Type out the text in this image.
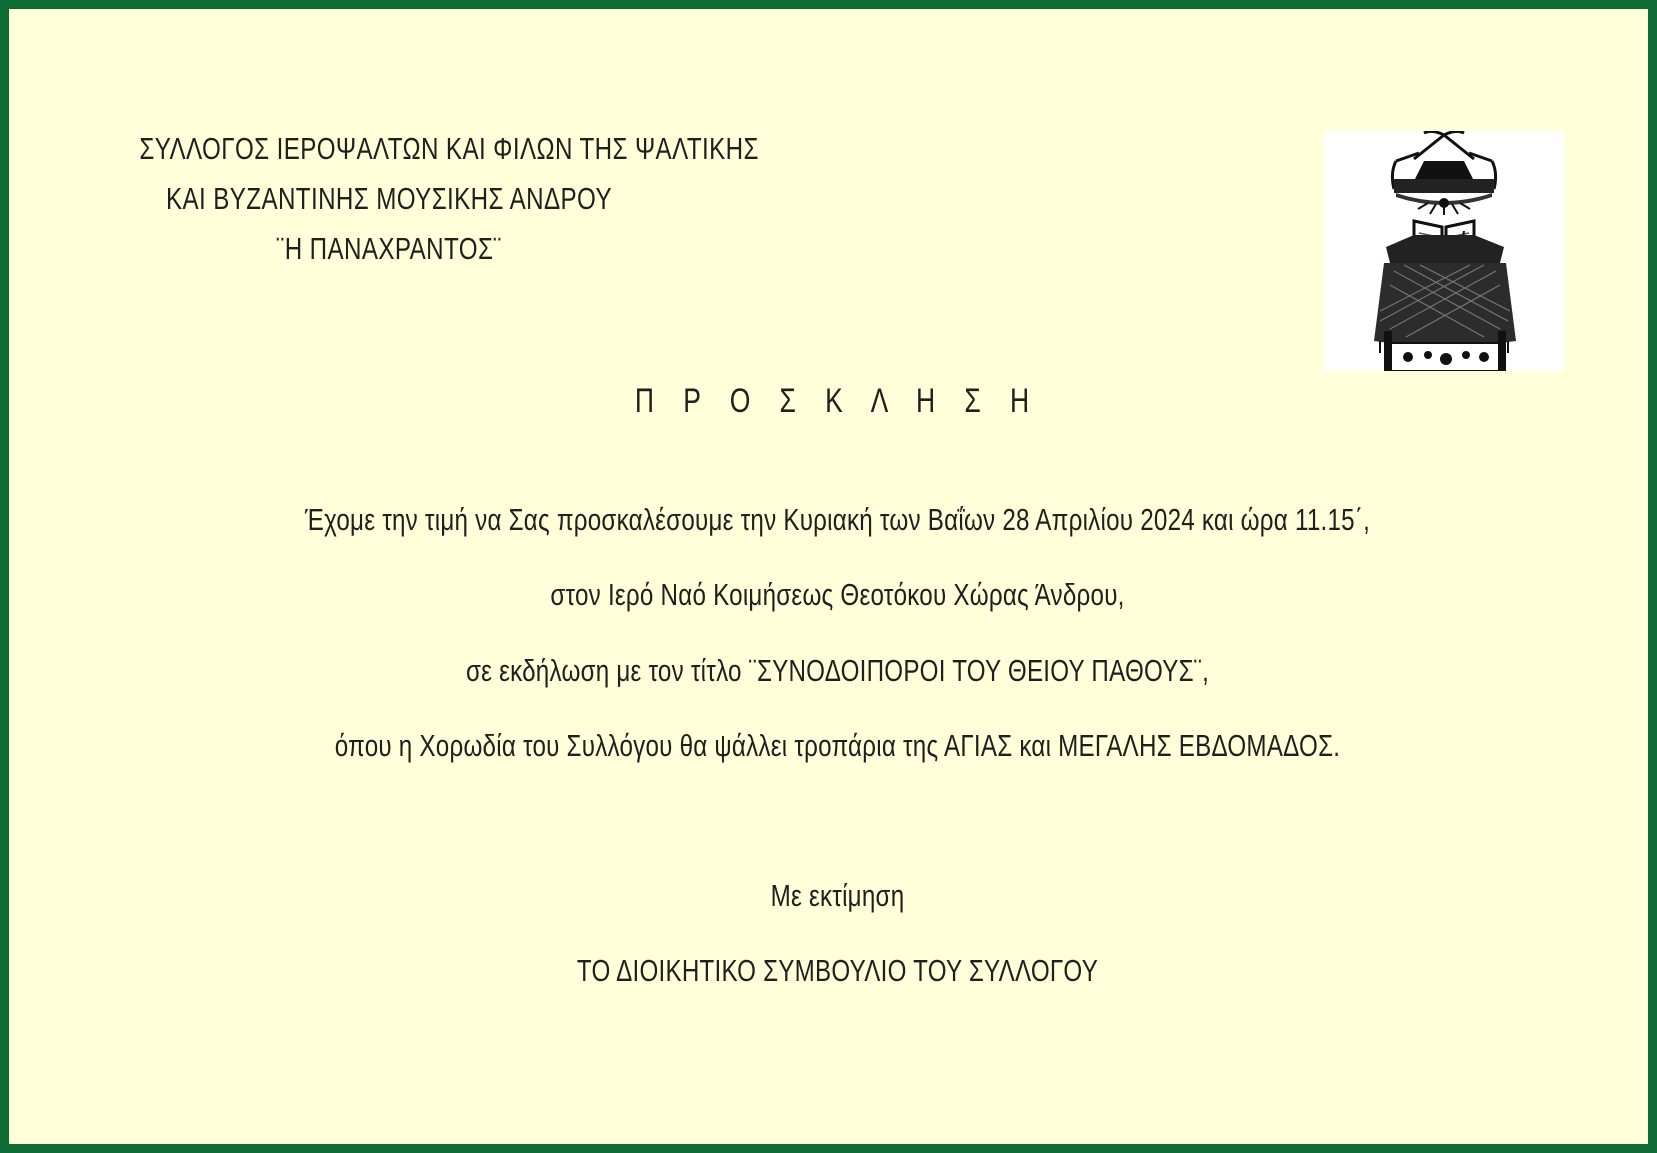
ΣΥΛΛΟΓΟΣ ΙΕΡΟΨΑΛΤΩΝ ΚΑΙ ΦΙΛΩΝ ΤΗΣ ΨΑΛΤΙΚΗΣ
ΚΑΙ ΒΥΖΑΝΤΙΝΗΣ ΜΟΥΣΙΚΗΣ ΑΝΔΡΟΥ
¨Η ΠΑΝΑΧΡΑΝΤΟΣ¨
Π Ρ Ο Σ Κ Λ Η Σ Η
Έχομε την τιμή να Σας προσκαλέσουμε την Κυριακή των Βαΐων 28 Απριλίου 2024 και ώρα 11.15΄,
στον Ιερό Ναό Κοιμήσεως Θεοτόκου Χώρας Άνδρου,
σε εκδήλωση με τον τίτλο ¨ΣΥΝΟΔΟΙΠΟΡΟΙ ΤΟΥ ΘΕΙΟΥ ΠΑΘΟΥΣ¨,
όπου η Χορωδία του Συλλόγου θα ψάλλει τροπάρια της ΑΓΙΑΣ και ΜΕΓΑΛΗΣ ΕΒΔΟΜΑΔΟΣ.
Με εκτίμηση
ΤΟ ΔΙΟΙΚΗΤΙΚΟ ΣΥΜΒΟΥΛΙΟ ΤΟΥ ΣΥΛΛΟΓΟΥ
